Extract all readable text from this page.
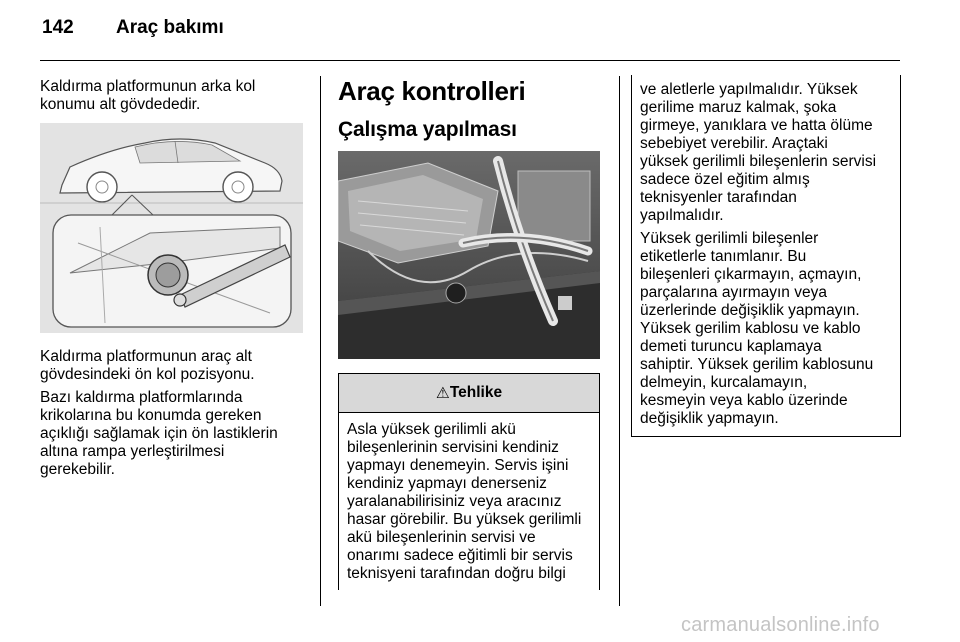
142 Araç bakımı

Kaldırma platformunun arka kol

konumu alt gövdededir.

Kaldırma platformunun araç alt

gövdesindeki ön kol pozisyonu.

Bazı kaldırma platformlarında

krikolarına bu konumda gereken

açıklığı sağlamak için ön lastiklerin

altına rampa yerleştirilmesi

gerekebilir.

Araç kontrolleri
Çalışma yapılması
⚠ Tehlike

Asla yüksek gerilimli akü

bileşenlerinin servisini kendiniz

yapmayı denemeyin. Servis işini

kendiniz yapmayı denerseniz

yaralanabilirisiniz veya aracınız

hasar görebilir. Bu yüksek gerilimli

akü bileşenlerinin servisi ve

onarımı sadece eğitimli bir servis

teknisyeni tarafından doğru bilgi

ve aletlerle yapılmalıdır. Yüksek

gerilime maruz kalmak, şoka

girmeye, yanıklara ve hatta ölüme

sebebiyet verebilir. Araçtaki

yüksek gerilimli bileşenlerin servisi

sadece özel eğitim almış

teknisyenler tarafından

yapılmalıdır.

Yüksek gerilimli bileşenler

etiketlerle tanımlanır. Bu

bileşenleri çıkarmayın, açmayın,

parçalarına ayırmayın veya

üzerlerinde değişiklik yapmayın.

Yüksek gerilim kablosu ve kablo

demeti turuncu kaplamaya

sahiptir. Yüksek gerilim kablosunu

delmeyin, kurcalamayın,

kesmeyin veya kablo üzerinde

değişiklik yapmayın.

carmanualsonline.info
